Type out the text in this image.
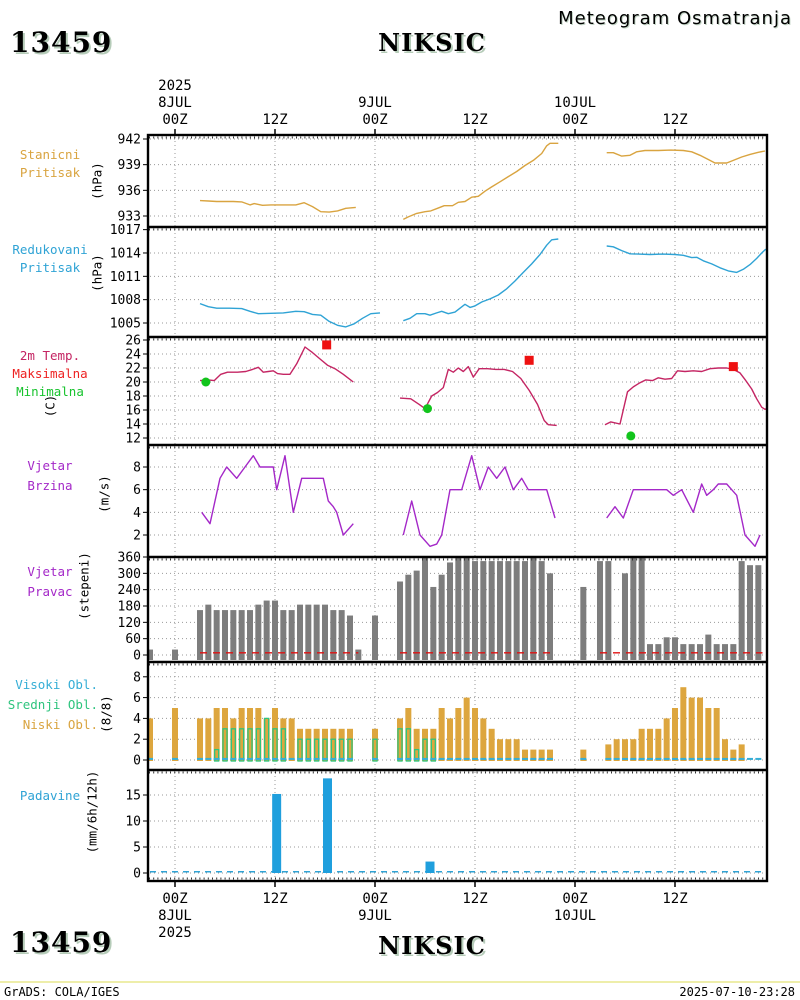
942
939
936
933
1017
1014
1011
1008
1005
26
24
22
20
18
16
14
12
8
6
4
2
360
300
240
180
120
60
0
8
6
4
2
0
15
10
5
0
13459	NIKSIC
Meteogram Osmatranja
2025
8JUL
00Z
00Z
8JUL
2025
12Z
12Z
9JUL
00Z
00Z
9JUL
12Z
12Z
10JUL
00Z
00Z
10JUL
12Z
12Z
Stanicni
Pritisak (hPa)
Redukovani
Pritisak (hPa)
2m Temp.
Maksimalna
Minimalna
(C)
Vjetar
Brzina	(m/s)
Vjetar
Pravac (stepeni)
Visoki Obl.
Srednji Obl.
Niski Obl. (8/8)
Padavine (mm/6h/12h)
13459	NIKSIC
GrADS: COLA/IGES	2025-07-10-23:28
